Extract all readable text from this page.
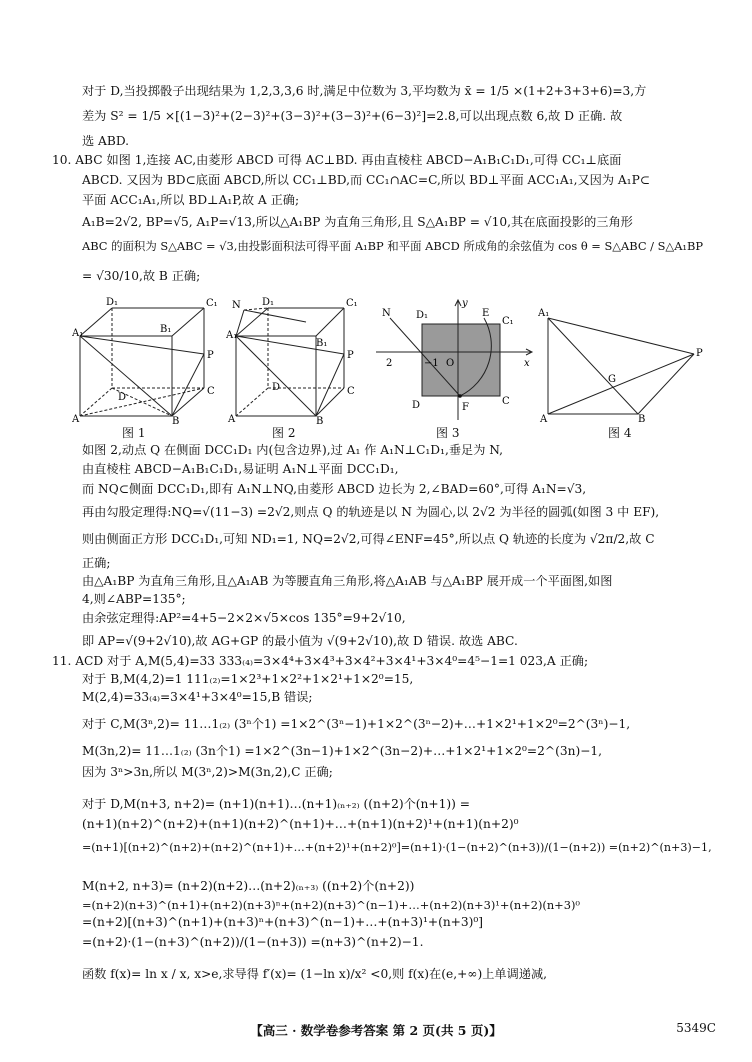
对于 D,当投掷骰子出现结果为 1,2,3,3,6 时,满足中位数为 3,平均数为 x̄ = 1/5 ×(1+2+3+3+6)=3,方
差为 S² = 1/5 ×[(1−3)²+(2−3)²+(3−3)²+(3−3)²+(6−3)²]=2.8,可以出现点数 6,故 D 正确. 故
选 ABD.
10. ABC 如图 1,连接 AC,由菱形 ABCD 可得 AC⊥BD. 再由直棱柱 ABCD−A₁B₁C₁D₁,可得 CC₁⊥底面
ABCD. 又因为 BD⊂底面 ABCD,所以 CC₁⊥BD,而 CC₁∩AC=C,所以 BD⊥平面 ACC₁A₁,又因为 A₁P⊂
平面 ACC₁A₁,所以 BD⊥A₁P,故 A 正确;
A₁B=2√2, BP=√5, A₁P=√13,所以△A₁BP 为直角三角形,且 S△A₁BP = √10,其在底面投影的三角形
ABC 的面积为 S△ABC = √3,由投影面积法可得平面 A₁BP 和平面 ABCD 所成角的余弦值为 cos θ = S△ABC / S△A₁BP
= √30/10,故 B 正确;
D₁	C₁
A₁	B₁
P
D
C
A	B
N D₁	C₁
A₁
B₁
P
D	C
A	B
y
N	D₁	E
C₁
2	−1 O	x
D	F
C
A₁
P
G
A	B
图 1	图 2	图 3	图 4
如图 2,动点 Q 在侧面 DCC₁D₁ 内(包含边界),过 A₁ 作 A₁N⊥C₁D₁,垂足为 N,
由直棱柱 ABCD−A₁B₁C₁D₁,易证明 A₁N⊥平面 DCC₁D₁,
而 NQ⊂侧面 DCC₁D₁,即有 A₁N⊥NQ,由菱形 ABCD 边长为 2,∠BAD=60°,可得 A₁N=√3,
再由勾股定理得:NQ=√(11−3) =2√2,则点 Q 的轨迹是以 N 为圆心,以 2√2 为半径的圆弧(如图 3 中 EF),
则由侧面正方形 DCC₁D₁,可知 ND₁=1, NQ=2√2,可得∠ENF=45°,所以点 Q 轨迹的长度为 √2π/2,故 C
正确;
由△A₁BP 为直角三角形,且△A₁AB 为等腰直角三角形,将△A₁AB 与△A₁BP 展开成一个平面图,如图
4,则∠ABP=135°;
由余弦定理得:AP²=4+5−2×2×√5×cos 135°=9+2√10,
即 AP=√(9+2√10),故 AG+GP 的最小值为 √(9+2√10),故 D 错误. 故选 ABC.
11. ACD 对于 A,M(5,4)=33 333₍₄₎=3×4⁴+3×4³+3×4²+3×4¹+3×4⁰=4⁵−1=1 023,A 正确;
对于 B,M(4,2)=1 111₍₂₎=1×2³+1×2²+1×2¹+1×2⁰=15,
M(2,4)=33₍₄₎=3×4¹+3×4⁰=15,B 错误;
对于 C,M(3ⁿ,2)= 11…1₍₂₎ (3ⁿ个1) =1×2^(3ⁿ−1)+1×2^(3ⁿ−2)+…+1×2¹+1×2⁰=2^(3ⁿ)−1,
M(3n,2)= 11…1₍₂₎ (3n个1) =1×2^(3n−1)+1×2^(3n−2)+…+1×2¹+1×2⁰=2^(3n)−1,
因为 3ⁿ>3n,所以 M(3ⁿ,2)>M(3n,2),C 正确;
对于 D,M(n+3, n+2)= (n+1)(n+1)…(n+1)₍ₙ₊₂₎ ((n+2)个(n+1)) =
(n+1)(n+2)^(n+2)+(n+1)(n+2)^(n+1)+…+(n+1)(n+2)¹+(n+1)(n+2)⁰
=(n+1)[(n+2)^(n+2)+(n+2)^(n+1)+…+(n+2)¹+(n+2)⁰]=(n+1)·(1−(n+2)^(n+3))/(1−(n+2)) =(n+2)^(n+3)−1,
M(n+2, n+3)= (n+2)(n+2)…(n+2)₍ₙ₊₃₎ ((n+2)个(n+2))
=(n+2)(n+3)^(n+1)+(n+2)(n+3)ⁿ+(n+2)(n+3)^(n−1)+…+(n+2)(n+3)¹+(n+2)(n+3)⁰
=(n+2)[(n+3)^(n+1)+(n+3)ⁿ+(n+3)^(n−1)+…+(n+3)¹+(n+3)⁰]
=(n+2)·(1−(n+3)^(n+2))/(1−(n+3)) =(n+3)^(n+2)−1.
函数 f(x)= ln x / x, x>e,求导得 f′(x)= (1−ln x)/x² <0,则 f(x)在(e,+∞)上单调递减,
【高三 · 数学卷参考答案 第 2 页(共 5 页)】	5349C
